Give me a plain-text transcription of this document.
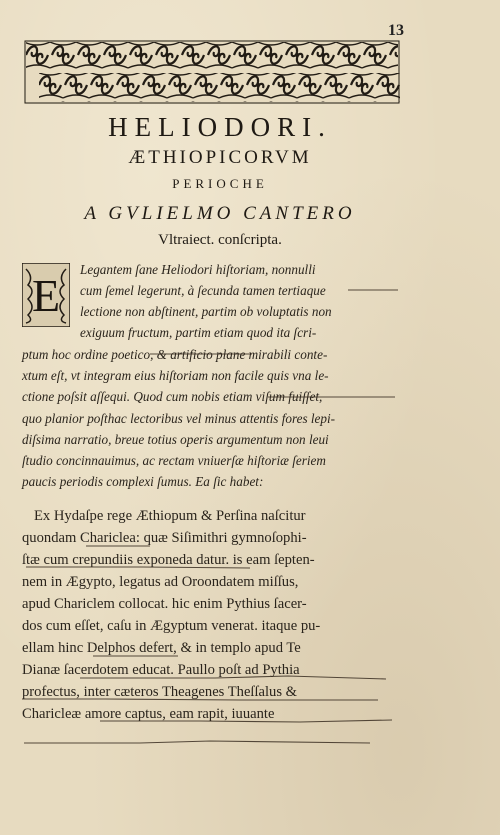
13
HELIODORI.
ÆTHIOPICORVM
PERIOCHE
A GVLIELMO CANTERO
Vltraiect. conſcripta.
E
Legantem ſane Heliodori hiſtoriam, nonnulli
cum ſemel legerunt, à ſecunda tamen tertiaque
lectione non abſtinent, partim ob voluptatis non
exiguum fructum, partim etiam quod ita ſcri-
ptum hoc ordine poetico, & artificio plane mirabili conte-
xtum eſt, vt integram eius hiſtoriam non facile quis vna le-
ctione poſsit aſſequi. Quod cum nobis etiam viſum fuiſſet,
quo planior poſthac lectoribus vel minus attentis fores lepi-
diſsima narratio, breue totius operis argumentum non leui
ſtudio concinnauimus, ac rectam vniuerſæ hiſtoriæ ſeriem
paucis periodis complexi ſumus. Ea ſic habet:
Ex Hydaſpe rege Æthiopum & Perſina naſcitur
quondam Chariclea: quæ Siſimithri gymnoſophi-
ſtæ cum crepundiis exponeda datur. is eam ſepten-
nem in Ægypto, legatus ad Oroondatem miſſus,
apud Chariclem collocat. hic enim Pythius ſacer-
dos cum eſſet, caſu in Ægyptum venerat. itaque pu-
ellam hinc Delphos defert, & in templo apud Te
Dianæ ſacerdotem educat. Paullo poſt ad Pythia
profectus, inter cæteros Theagenes Theſſalus &
Charicleæ amore captus, eam rapit, iuuante
